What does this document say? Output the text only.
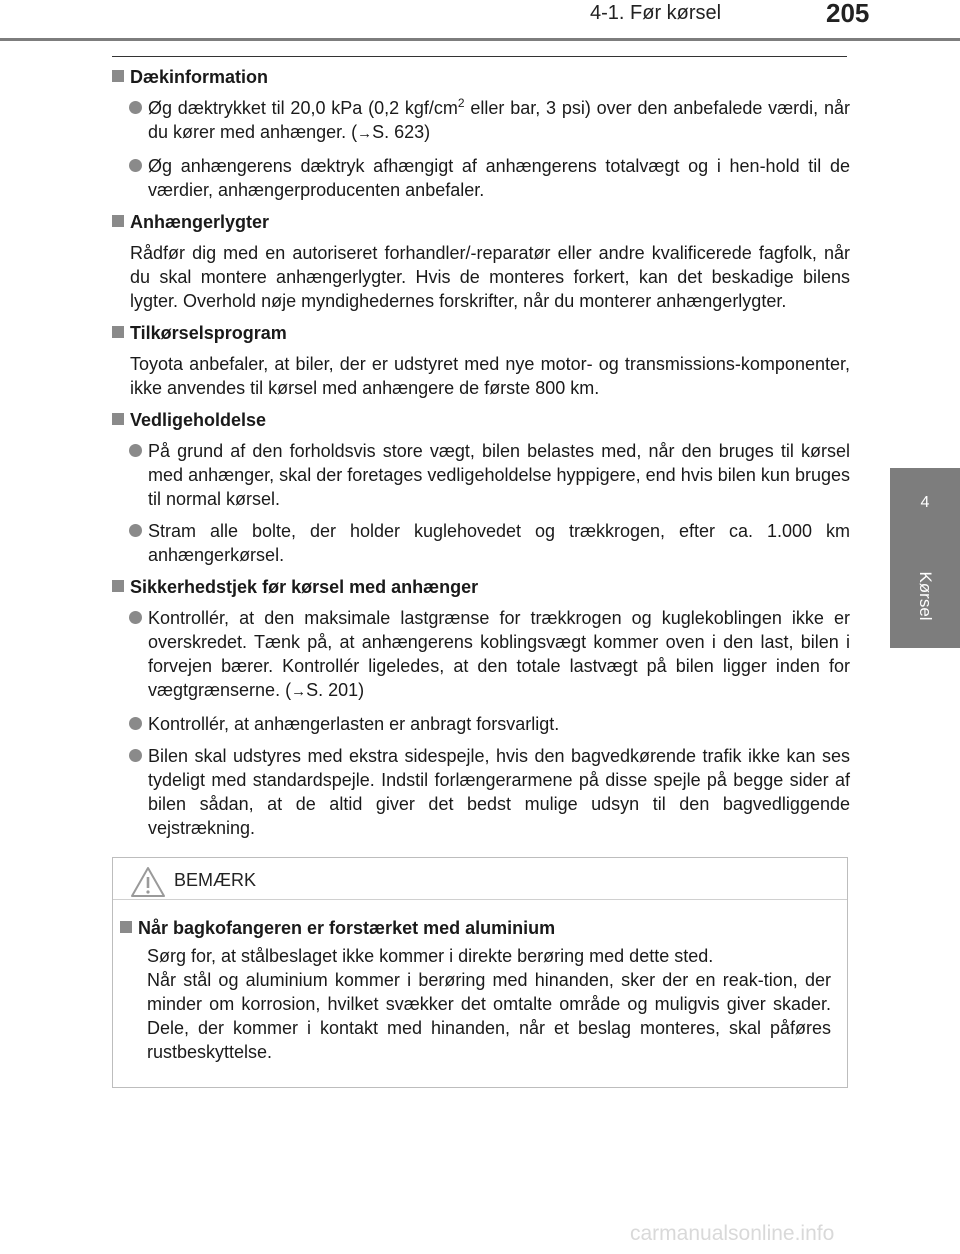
4-1. Før kørsel	205
4
Kørsel
Dækinformation
Øg dæktrykket til 20,0 kPa (0,2 kgf/$cm^2$ eller bar, 3 psi) over den anbefalede værdi, når du kører med anhænger. (→S. 623)
Øg anhængerens dæktryk afhængigt af anhængerens totalvægt og i hen-hold til de værdier, anhængerproducenten anbefaler.
Anhængerlygter
Rådfør dig med en autoriseret forhandler/-reparatør eller andre kvalificerede fagfolk, når du skal montere anhængerlygter. Hvis de monteres forkert, kan det beskadige bilens lygter. Overhold nøje myndighedernes forskrifter, når du monterer anhængerlygter.
Tilkørselsprogram
Toyota anbefaler, at biler, der er udstyret med nye motor- og transmissions-komponenter, ikke anvendes til kørsel med anhængere de første 800 km.
Vedligeholdelse
På grund af den forholdsvis store vægt, bilen belastes med, når den bruges til kørsel med anhænger, skal der foretages vedligeholdelse hyppigere, end hvis bilen kun bruges til normal kørsel.
Stram alle bolte, der holder kuglehovedet og trækkrogen, efter ca. 1.000 km anhængerkørsel.
Sikkerhedstjek før kørsel med anhænger
Kontrollér, at den maksimale lastgrænse for trækkrogen og kuglekoblingen ikke er overskredet. Tænk på, at anhængerens koblingsvægt kommer oven i den last, bilen i forvejen bærer. Kontrollér ligeledes, at den totale lastvægt på bilen ligger inden for vægtgrænserne. (→S. 201)
Kontrollér, at anhængerlasten er anbragt forsvarligt.
Bilen skal udstyres med ekstra sidespejle, hvis den bagvedkørende trafik ikke kan ses tydeligt med standardspejle. Indstil forlængerarmene på disse spejle på begge sider af bilen sådan, at de altid giver det bedst mulige udsyn til den bagvedliggende vejstrækning.
BEMÆRK
Når bagkofangeren er forstærket med aluminium
Sørg for, at stålbeslaget ikke kommer i direkte berøring med dette sted.
Når stål og aluminium kommer i berøring med hinanden, sker der en reak-tion, der minder om korrosion, hvilket svækker det omtalte område og muligvis giver skader. Dele, der kommer i kontakt med hinanden, når et beslag monteres, skal påføres rustbeskyttelse.
carmanualsonline.info
